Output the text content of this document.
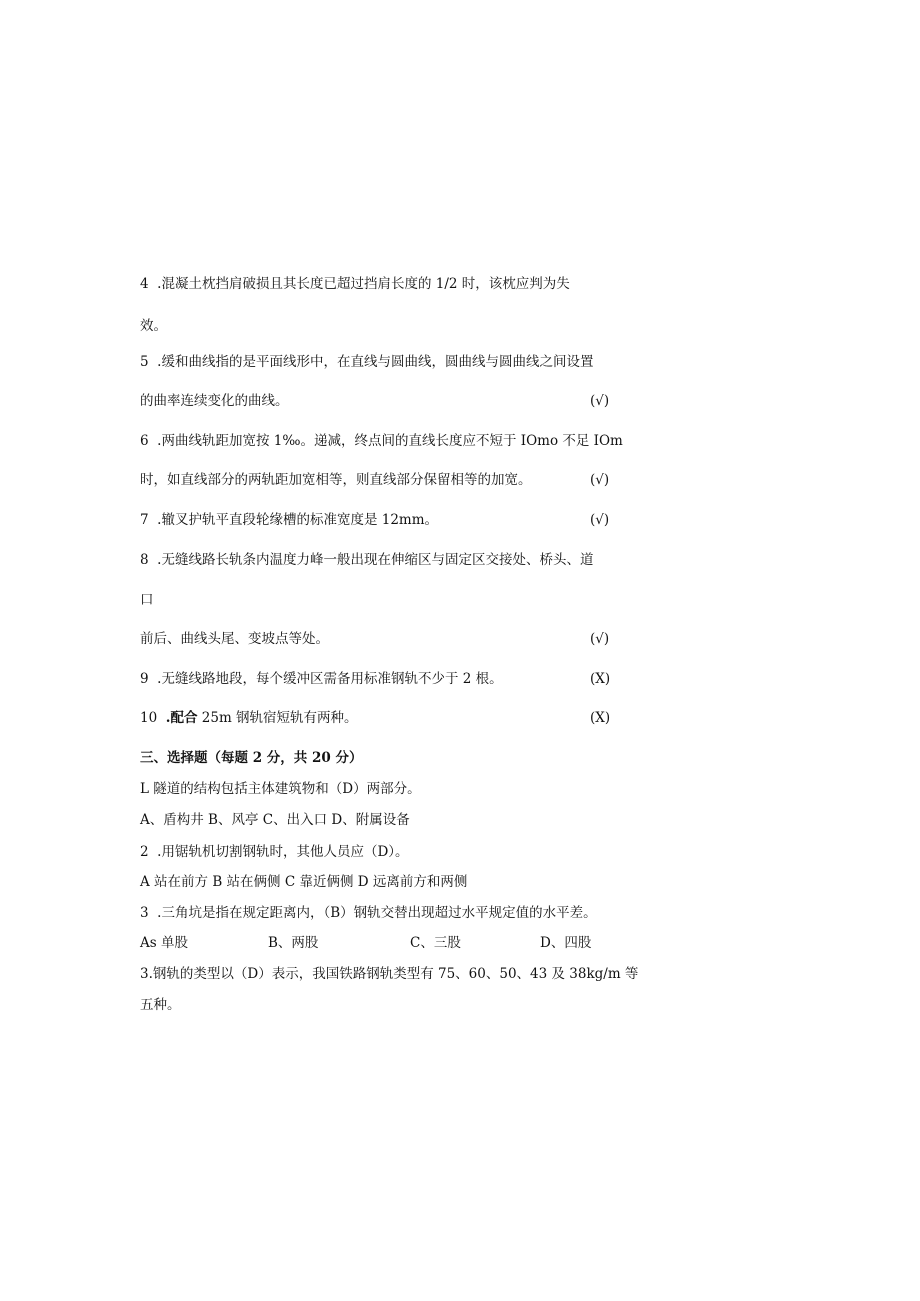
4  .混凝土枕挡肩破损且其长度已超过挡肩长度的 1/2 时，该枕应判为失
效。
5  .缓和曲线指的是平面线形中，在直线与圆曲线，圆曲线与圆曲线之间设置
的曲率连续变化的曲线。	(√)
6  .两曲线轨距加宽按 1‰。递减，终点间的直线长度应不短于 IOmo 不足 IOm
时，如直线部分的两轨距加宽相等，则直线部分保留相等的加宽。	(√)
7  .辙叉护轨平直段轮缘槽的标准宽度是 12mm。	(√)
8  .无缝线路长轨条内温度力峰一般出现在伸缩区与固定区交接处、桥头、道
口
前后、曲线头尾、变坡点等处。	(√)
9  .无缝线路地段，每个缓冲区需备用标准钢轨不少于 2 根。	(X)
10  .配合 25m 钢轨宿短轨有两种。	(X)
三、选择题（每题 2 分，共 20 分）
L 隧道的结构包括主体建筑物和（D）两部分。
A、盾构井 B、风亭 C、出入口 D、附属设备
2  .用锯轨机切割钢轨时，其他人员应（D）。
A 站在前方 B 站在俩侧 C 靠近俩侧 D 远离前方和两侧
3  .三角坑是指在规定距离内，（B）钢轨交替出现超过水平规定值的水平差。
As 单股	B、两股	C、三股	D、四股
3.钢轨的类型以（D）表示，我国铁路钢轨类型有 75、60、50、43 及 38kg/m 等
五种。
